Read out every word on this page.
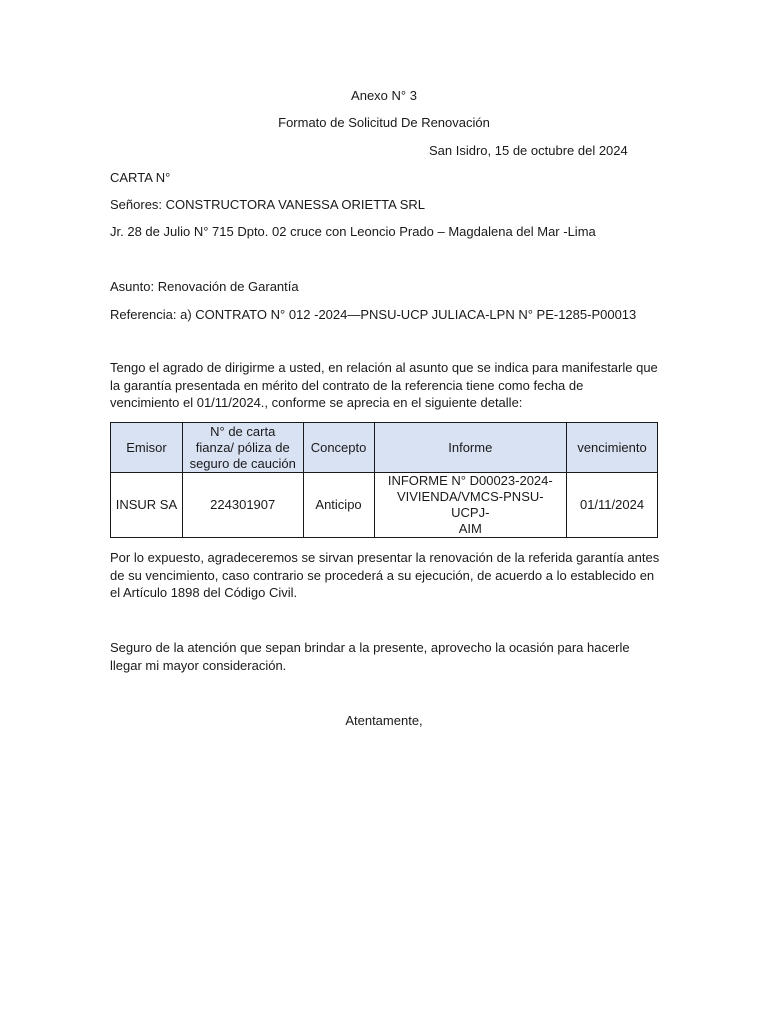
Anexo N° 3
Formato de Solicitud De Renovación
San Isidro, 15 de octubre del 2024
CARTA N°
Señores: CONSTRUCTORA VANESSA ORIETTA SRL
Jr. 28 de Julio N° 715 Dpto. 02 cruce con Leoncio Prado – Magdalena del Mar -Lima
Asunto: Renovación de Garantía
Referencia: a) CONTRATO N° 012 -2024—PNSU-UCP JULIACA-LPN N° PE-1285-P00013
Tengo el agrado de dirigirme a usted, en relación al asunto que se indica para manifestarle que
la garantía presentada en mérito del contrato de la referencia tiene como fecha de
vencimiento el 01/11/2024., conforme se aprecia en el siguiente detalle:
Emisor	N° de carta
fianza/ póliza de
seguro de caución	Concepto	Informe	vencimiento

INSUR SA	224301907	Anticipo	INFORME N° D00023-2024-
VIVIENDA/VMCS-PNSU-UCPJ-
AIM	01/11/2024
Por lo expuesto, agradeceremos se sirvan presentar la renovación de la referida garantía antes
de su vencimiento, caso contrario se procederá a su ejecución, de acuerdo a lo establecido en
el Artículo 1898 del Código Civil.
Seguro de la atención que sepan brindar a la presente, aprovecho la ocasión para hacerle
llegar mi mayor consideración.
Atentamente,
